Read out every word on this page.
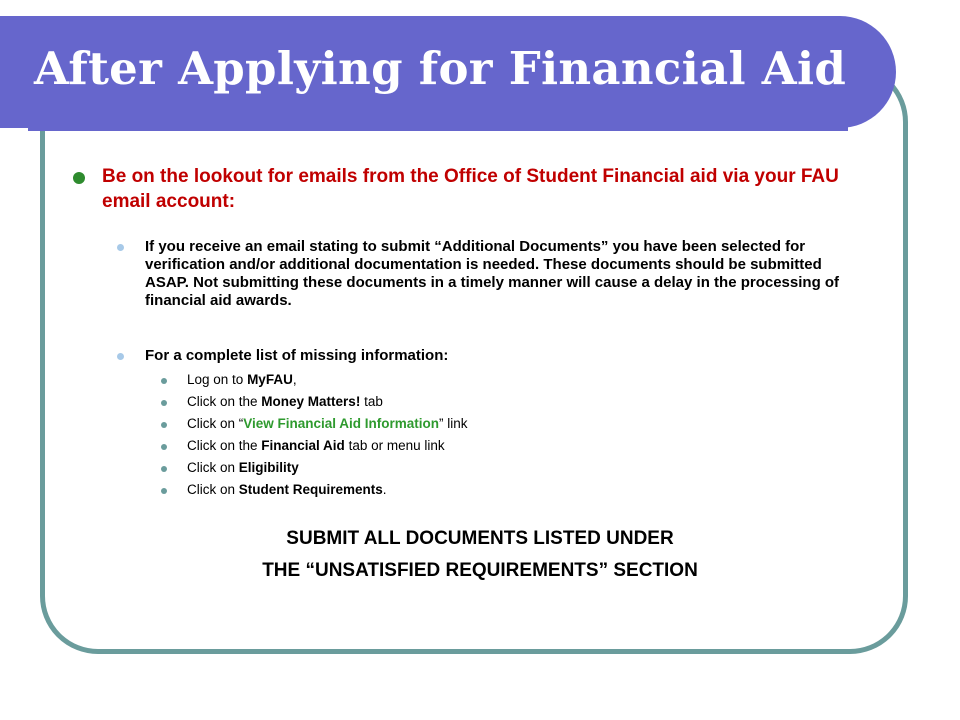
After Applying for Financial Aid
Be on the lookout for emails from the Office of Student Financial aid via your FAU email account:
If you receive an email stating to submit “Additional Documents” you have been selected for verification and/or additional documentation is needed. These documents should be submitted ASAP. Not submitting these documents in a timely manner will cause a delay in the processing of financial aid awards.
For a complete list of missing information:
Log on to MyFAU,
Click on the Money Matters! tab
Click on “View Financial Aid Information” link
Click on the Financial Aid tab or menu link
Click on Eligibility
Click on Student Requirements.
SUBMIT ALL DOCUMENTS LISTED UNDER
THE “UNSATISFIED REQUIREMENTS” SECTION
